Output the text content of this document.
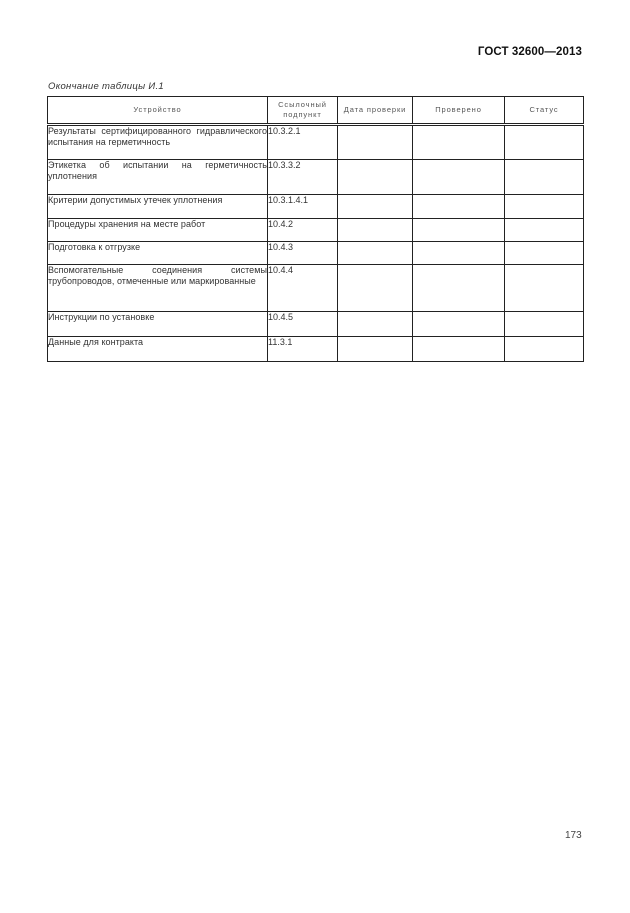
ГОСТ 32600—2013
Окончание таблицы И.1
Устройство	Ссылочный подпункт	Дата проверки	Проверено	Статус
Результаты сертифицированного гидравлического испытания на герметичность	10.3.2.1			
Этикетка об испытании на герметичность уплотнения	10.3.3.2			
Критерии допустимых утечек уплотнения	10.3.1.4.1			
Процедуры хранения на месте работ	10.4.2			
Подготовка к отгрузке	10.4.3			
Вспомогательные соединения системы трубопроводов, отмеченные или маркированные	10.4.4			
Инструкции по установке	10.4.5			
Данные для контракта	11.3.1			
173
